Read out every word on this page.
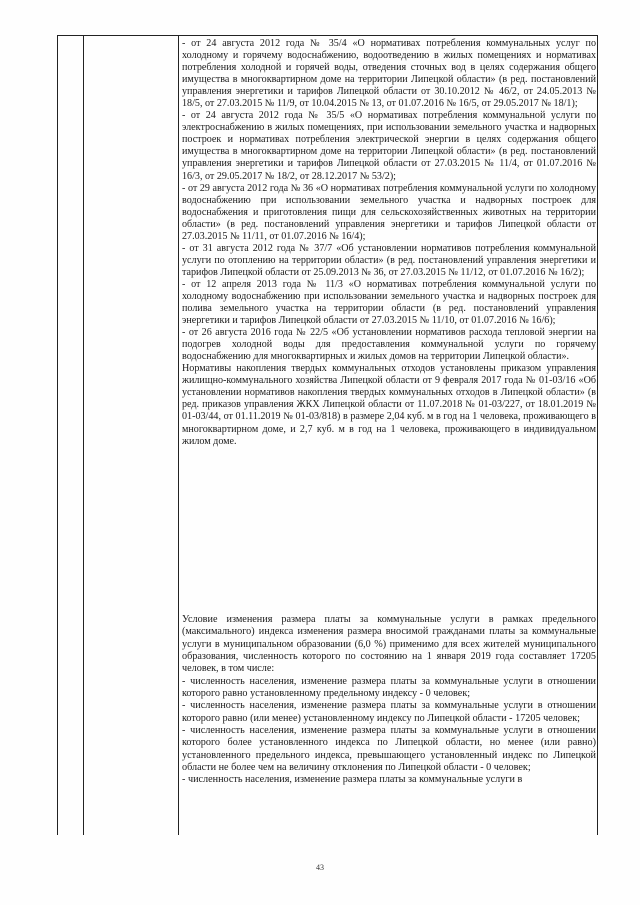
- от 24 августа 2012 года № 35/4 «О нормативах потребления коммунальных услуг по холодному и горячему водоснабжению, водоотведению в жилых помещениях и нормативах потребления холодной и горячей воды, отведения сточных вод в целях содержания общего имущества в многоквартирном доме на территории Липецкой области» (в ред. постановлений управления энергетики и тарифов Липецкой области от 30.10.2012 № 46/2, от 24.05.2013 № 18/5, от 27.03.2015 № 11/9, от 10.04.2015 № 13, от 01.07.2016 № 16/5, от 29.05.2017 № 18/1);

- от 24 августа 2012 года № 35/5 «О нормативах потребления коммунальной услуги по электроснабжению в жилых помещениях, при использовании земельного участка и надворных построек и нормативах потребления электрической энергии в целях содержания общего имущества в многоквартирном доме на территории Липецкой области» (в ред. постановлений управления энергетики и тарифов Липецкой области от 27.03.2015 № 11/4, от 01.07.2016 № 16/3, от 29.05.2017 № 18/2, от 28.12.2017 № 53/2);

- от 29 августа 2012 года № 36 «О нормативах потребления коммунальной услуги по холодному водоснабжению при использовании земельного участка и надворных построек для водоснабжения и приготовления пищи для сельскохозяйственных животных на территории области» (в ред. постановлений управления энергетики и тарифов Липецкой области от 27.03.2015 № 11/11, от 01.07.2016 № 16/4);

- от 31 августа 2012 года № 37/7 «Об установлении нормативов потребления коммунальной услуги по отоплению на территории области» (в ред. постановлений управления энергетики и тарифов Липецкой области от 25.09.2013 № 36, от 27.03.2015 № 11/12, от 01.07.2016 № 16/2);

- от 12 апреля 2013 года № 11/3 «О нормативах потребления коммунальной услуги по холодному водоснабжению при использовании земельного участка и надворных построек для полива земельного участка на территории области (в ред. постановлений управления энергетики и тарифов Липецкой области от 27.03.2015 № 11/10, от 01.07.2016 № 16/6);

- от 26 августа 2016 года № 22/5 «Об установлении нормативов расхода тепловой энергии на подогрев холодной воды для предоставления коммунальной услуги по горячему водоснабжению для многоквартирных и жилых домов на территории Липецкой области».

Нормативы накопления твердых коммунальных отходов установлены приказом управления жилищно-коммунального хозяйства Липецкой области от 9 февраля 2017 года № 01-03/16 «Об установлении нормативов накопления твердых коммунальных отходов в Липецкой области» (в ред. приказов управления ЖКХ Липецкой области от 11.07.2018 № 01-03/227, от 18.01.2019 № 01-03/44, от 01.11.2019 № 01-03/818) в размере 2,04 куб. м в год на 1 человека, проживающего в многоквартирном доме, и 2,7 куб. м в год на 1 человека, проживающего в индивидуальном жилом доме.

Условие изменения размера платы за коммунальные услуги в рамках предельного (максимального) индекса изменения размера вносимой гражданами платы за коммунальные услуги в муниципальном образовании (6,0 %) применимо для всех жителей муниципального образования, численность которого по состоянию на 1 января 2019 года составляет 17205 человек, в том числе:

- численность населения, изменение размера платы за коммунальные услуги в отношении которого равно установленному предельному индексу - 0 человек;

- численность населения, изменение размера платы за коммунальные услуги в отношении которого равно (или менее) установленному индексу по Липецкой области - 17205 человек;

- численность населения, изменение размера платы за коммунальные услуги в отношении которого более установленного индекса по Липецкой области, но менее (или равно) установленного предельного индекса, превышающего установленный индекс по Липецкой области не более чем на величину отклонения по Липецкой области - 0 человек;

- численность населения, изменение размера платы за коммунальные услуги в

43
